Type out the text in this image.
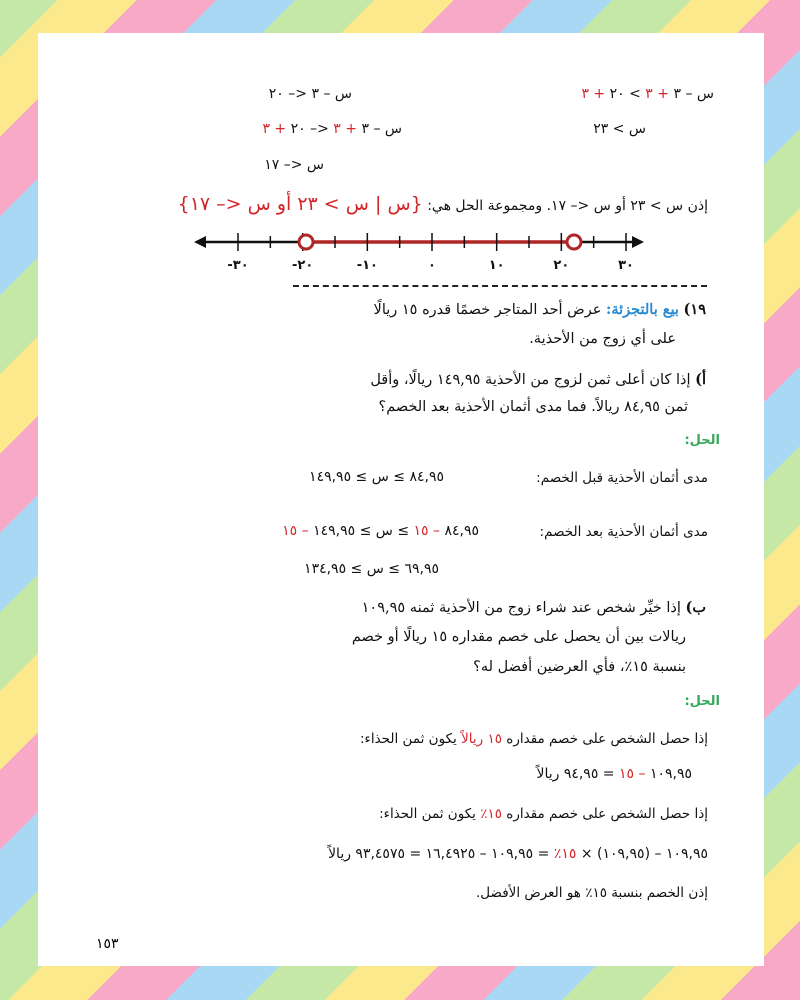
س – ٣ + ٣ > ٢٠ + ٣
س – ٣ <– ٢٠
س > ٢٣
س – ٣ + ٣ <– ٢٠ + ٣
س <– ١٧
إذن س > ٢٣ أو س <– ١٧. ومجموعة الحل هي: {س | س > ٢٣ أو س <– ١٧}
-٣٠	-٢٠	-١٠	٠	١٠	٢٠	٣٠
١٩) بيع بالتجزئة: عرض أحد المتاجر خصمًا قدره ١٥ ريالًا
على أي زوج من الأحذية.
أ) إذا كان أعلى ثمن لزوج من الأحذية ١٤٩,٩٥ ريالًا، وأقل
ثمن ٨٤,٩٥ ريالاً. فما مدى أثمان الأحذية بعد الخصم؟
الحل:
مدى أثمان الأحذية قبل الخصم:
٨٤,٩٥ ≥ س ≥ ١٤٩,٩٥
مدى أثمان الأحذية بعد الخصم:
٨٤,٩٥ – ١٥ ≥ س ≥ ١٤٩,٩٥ – ١٥
٦٩,٩٥ ≥ س ≥ ١٣٤,٩٥
ب) إذا خيِّر شخص عند شراء زوج من الأحذية ثمنه ١٠٩,٩٥
ريالات بين أن يحصل على خصم مقداره ١٥ ريالًا أو خصم
بنسبة ١٥٪، فأي العرضين أفضل له؟
الحل:
إذا حصل الشخص على خصم مقداره ١٥ ريالاً يكون ثمن الحذاء:
١٠٩,٩٥ – ١٥ = ٩٤,٩٥ ريالاً
إذا حصل الشخص على خصم مقداره ١٥٪ يكون ثمن الحذاء:
١٠٩,٩٥ – (١٠٩,٩٥) × ١٥٪ = ١٠٩,٩٥ – ١٦,٤٩٢٥ = ٩٣,٤٥٧٥ ريالاً
إذن الخصم بنسبة ١٥٪ هو العرض الأفضل.
١٥٣
